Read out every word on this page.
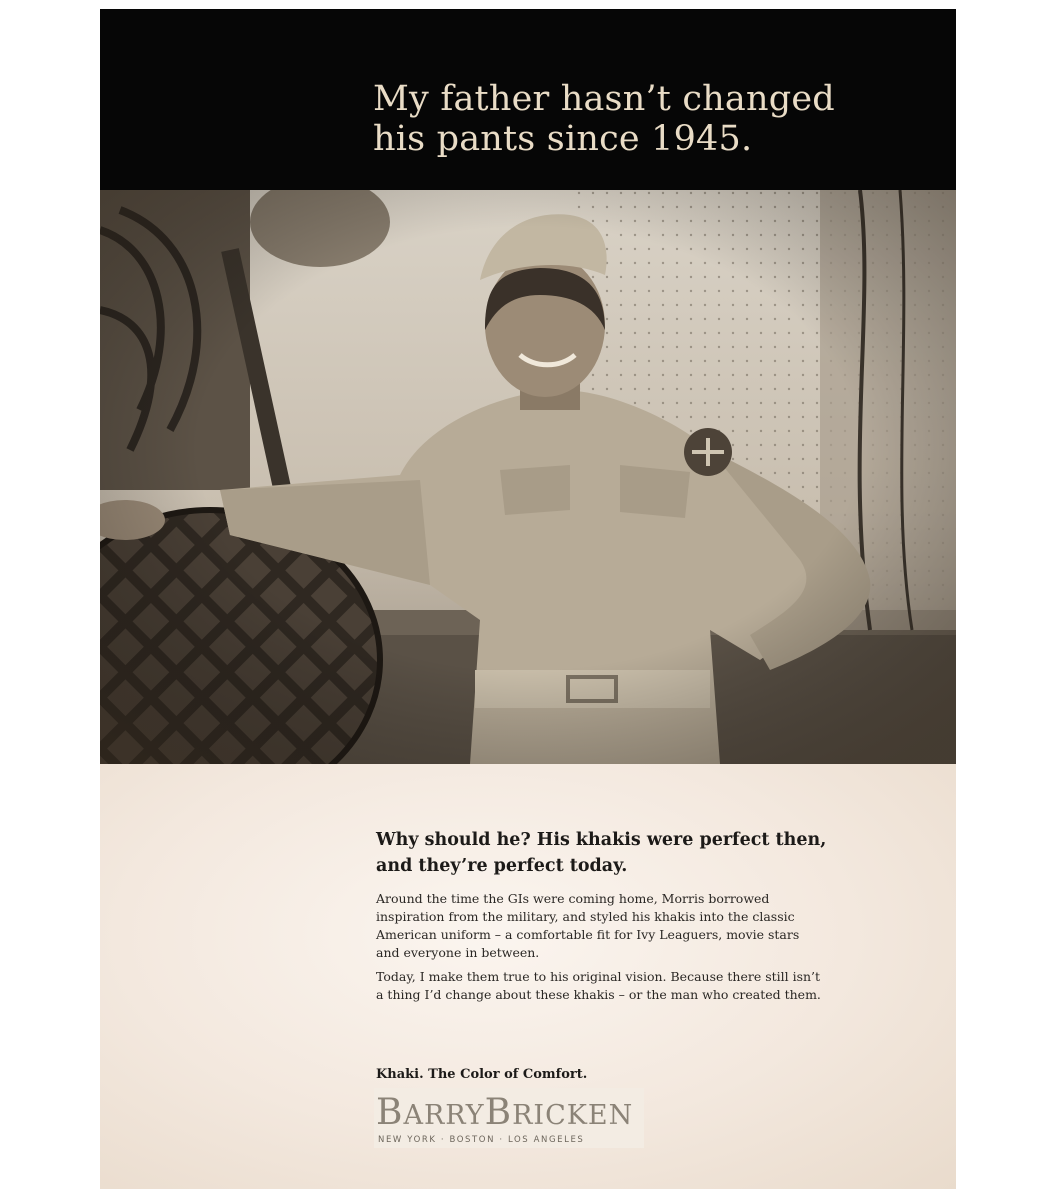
My father hasn’t changed
his pants since 1945.
Why should he? His khakis were perfect then,
and they’re perfect today.
Around the time the GIs were coming home, Morris borrowed
inspiration from the military, and styled his khakis into the classic
American uniform – a comfortable fit for Ivy Leaguers, movie stars
and everyone in between.
Today, I make them true to his original vision. Because there still isn’t
a thing I’d change about these khakis – or the man who created them.
Khaki. The Color of Comfort.
BARRYBRICKEN
NEW YORK · BOSTON · LOS ANGELES
